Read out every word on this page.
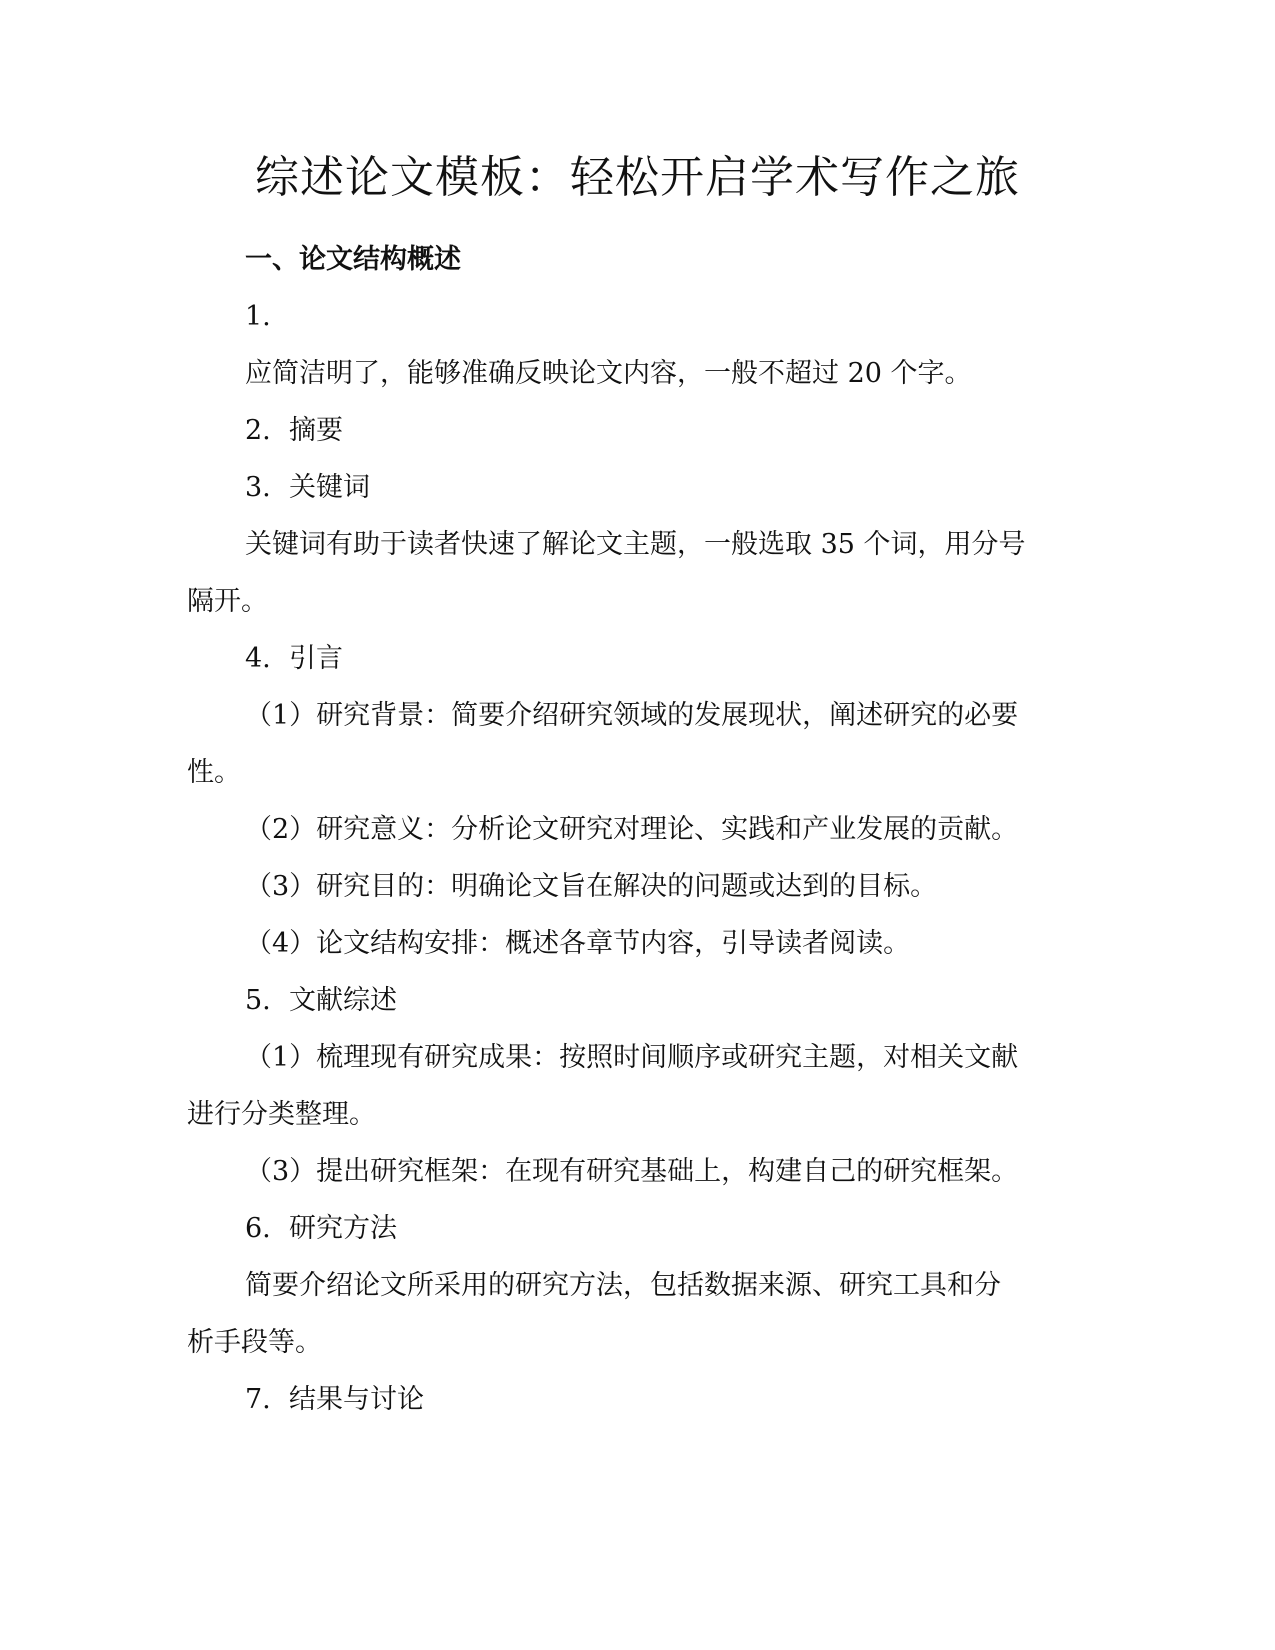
综述论文模板：轻松开启学术写作之旅

一、论文结构概述

1.

应简洁明了，能够准确反映论文内容，一般不超过 20 个字。

2. 摘要

3. 关键词

关键词有助于读者快速了解论文主题，一般选取 35 个词，用分号

隔开。

4. 引言

（1）研究背景：简要介绍研究领域的发展现状，阐述研究的必要

性。

（2）研究意义：分析论文研究对理论、实践和产业发展的贡献。

（3）研究目的：明确论文旨在解决的问题或达到的目标。

（4）论文结构安排：概述各章节内容，引导读者阅读。

5. 文献综述

（1）梳理现有研究成果：按照时间顺序或研究主题，对相关文献

进行分类整理。

（3）提出研究框架：在现有研究基础上，构建自己的研究框架。

6. 研究方法

简要介绍论文所采用的研究方法，包括数据来源、研究工具和分

析手段等。

7. 结果与讨论
